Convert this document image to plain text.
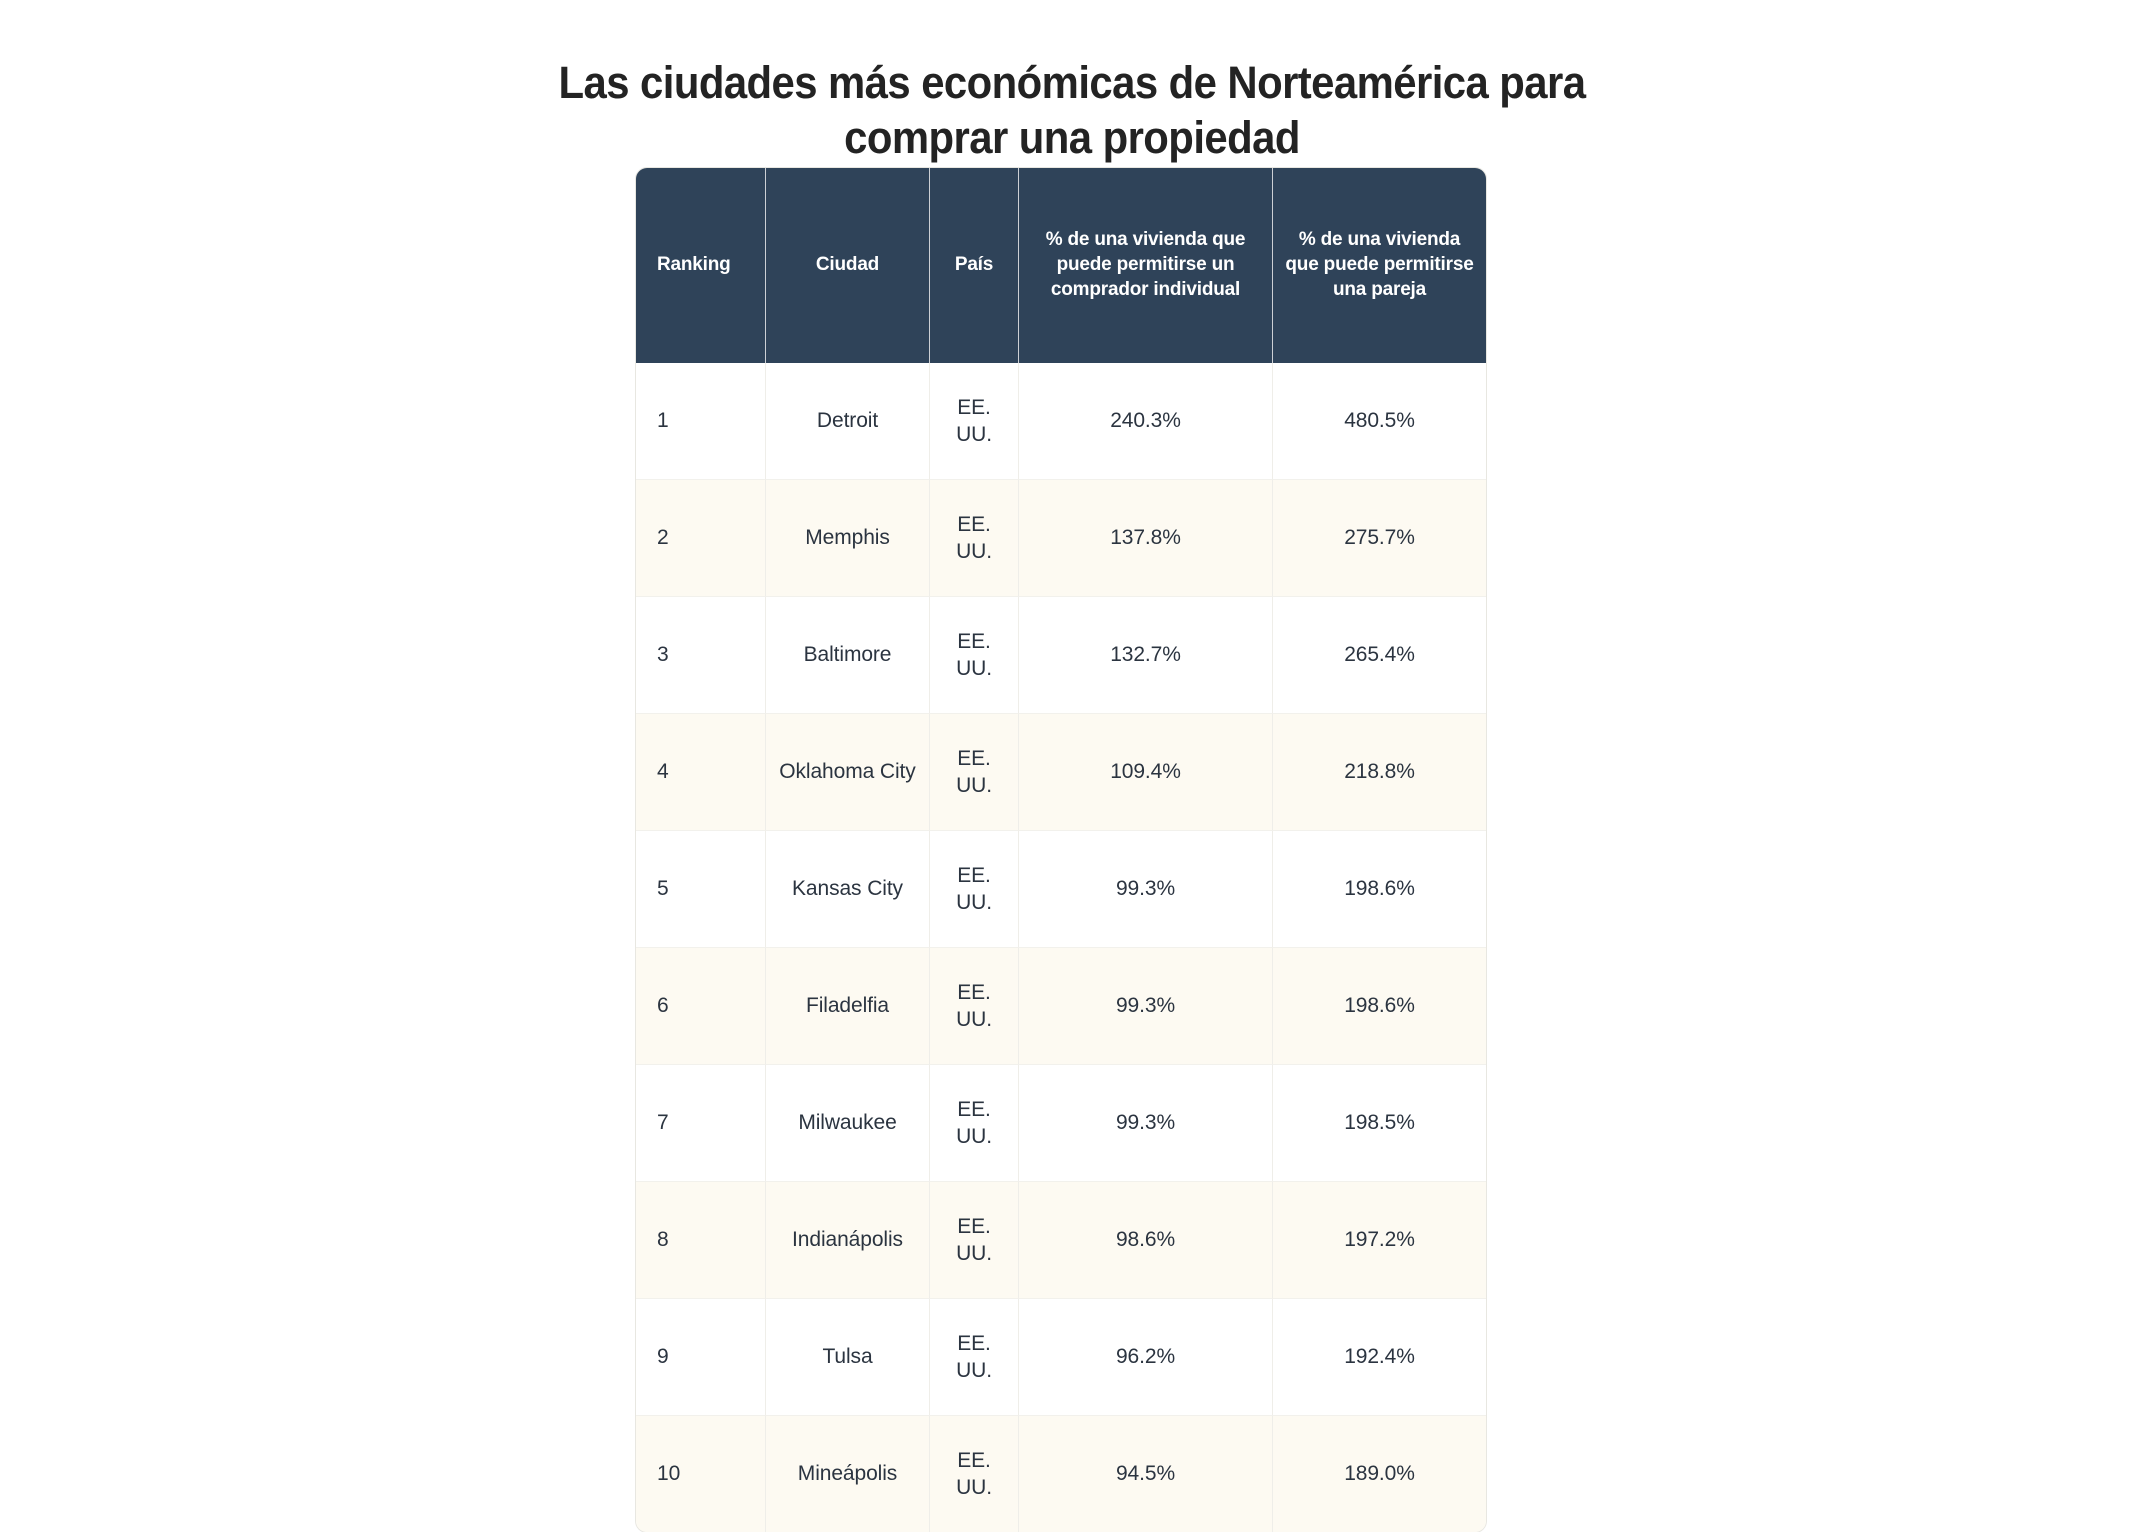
Las ciudades más económicas de Norteamérica para
comprar una propiedad
Ranking	Ciudad	País	% de una vivienda que puede permitirse un comprador individual	% de una vivienda que puede permitirse una pareja
1	Detroit	EE. UU.	240.3%	480.5%
2	Memphis	EE. UU.	137.8%	275.7%
3	Baltimore	EE. UU.	132.7%	265.4%
4	Oklahoma City	EE. UU.	109.4%	218.8%
5	Kansas City	EE. UU.	99.3%	198.6%
6	Filadelfia	EE. UU.	99.3%	198.6%
7	Milwaukee	EE. UU.	99.3%	198.5%
8	Indianápolis	EE. UU.	98.6%	197.2%
9	Tulsa	EE. UU.	96.2%	192.4%
10	Mineápolis	EE. UU.	94.5%	189.0%
